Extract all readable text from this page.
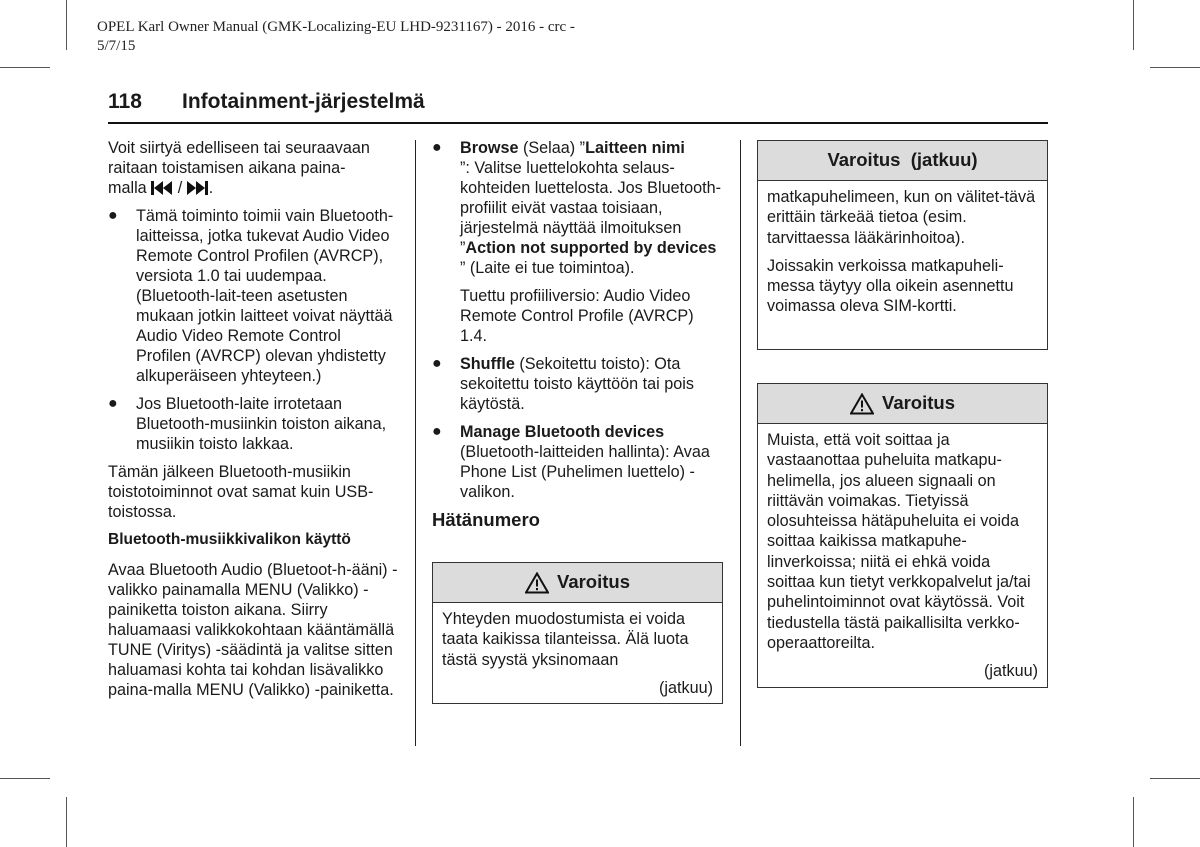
OPEL Karl Owner Manual (GMK-Localizing-EU LHD-9231167) - 2016 - crc -
5/7/15
118 Infotainment-järjestelmä

Voit siirtyä edelliseen tai seuraavaan raitaan toistamisen aikana paina-
malla / .

● Tämä toiminto toimii vain Bluetooth-laitteissa, jotka tukevat Audio Video Remote Control Profilen (AVRCP), versiota 1.0 tai uudempaa. (Bluetooth-lait-teen asetusten mukaan jotkin laitteet voivat näyttää Audio Video Remote Control Profilen (AVRCP) olevan yhdistetty alkuperäiseen yhteyteen.)
● Jos Bluetooth-laite irrotetaan Bluetooth-musiinkin toiston aikana, musiikin toisto lakkaa.

Tämän jälkeen Bluetooth-musiikin toistotoiminnot ovat samat kuin USB-toistossa.

Bluetooth-musiikkivalikon käyttö

Avaa Bluetooth Audio (Bluetoot-h-ääni) -valikko painamalla MENU (Valikko) -painiketta toiston aikana. Siirry haluamaasi valikkokohtaan kääntämällä TUNE (Viritys) -säädintä ja valitse sitten haluamasi kohta tai kohdan lisävalikko paina-malla MENU (Valikko) -painiketta.

● Browse (Selaa) ”Laitteen nimi
”: Valitse luettelokohta selaus-kohteiden luettelosta. Jos Bluetooth-profiilit eivät vastaa toisiaan, järjestelmä näyttää ilmoituksen ”Action not supported by devices ” (Laite ei tue toimintoa).
Tuettu profiiliversio: Audio Video Remote Control Profile (AVRCP) 1.4.
● Shuffle (Sekoitettu toisto): Ota sekoitettu toisto käyttöön tai pois käytöstä.
● Manage Bluetooth devices
(Bluetooth-laitteiden hallinta): Avaa Phone List (Puhelimen luettelo) -valikon.
Hätänumero
Varoitus

Yhteyden muodostumista ei voida taata kaikissa tilanteissa. Älä luota tästä syystä yksinomaan

(jatkuu)
Varoitus  (jatkuu)

matkapuhelimeen, kun on välitet-tävä erittäin tärkeää tietoa (esim. tarvittaessa lääkärinhoitoa).

Joissakin verkoissa matkapuheli-messa täytyy olla oikein asennettu voimassa oleva SIM-kortti.

Varoitus

Muista, että voit soittaa ja vastaanottaa puheluita matkapu-helimella, jos alueen signaali on riittävän voimakas. Tietyissä olosuhteissa hätäpuheluita ei voida soittaa kaikissa matkapuhe-linverkoissa; niitä ei ehkä voida soittaa kun tietyt verkkopalvelut ja/tai puhelintoiminnot ovat käytössä. Voit tiedustella tästä paikallisilta verkko-operaattoreilta.

(jatkuu)
